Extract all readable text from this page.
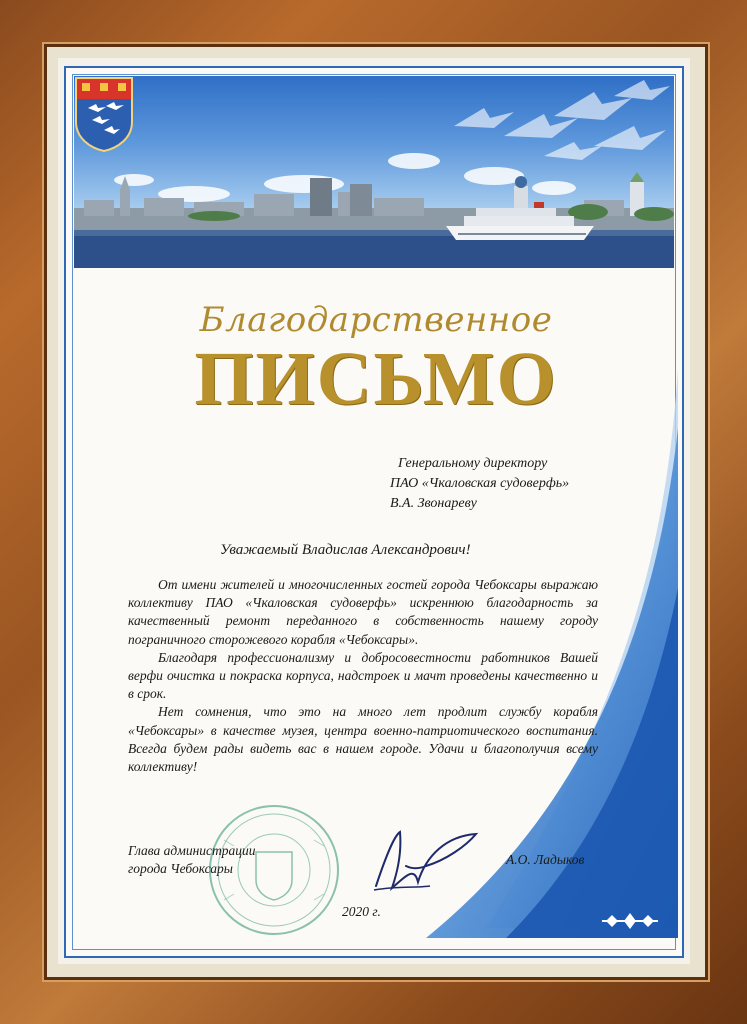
Благодарственное
ПИСЬМО
Генеральному директору
ПАО «Чкаловская судоверфь»
В.А. Звонареву
Уважаемый Владислав Александрович!

От имени жителей и многочисленных гостей города Чебоксары выражаю коллективу ПАО «Чкаловская судоверфь» искреннюю благодарность за качественный ремонт переданного в собственность нашему городу пограничного сторожевого корабля «Чебоксары».

Благодаря профессионализму и добросовестности работников Вашей верфи очистка и покраска корпуса, надстроек и мачт проведены качественно и в срок.

Нет сомнения, что это на много лет продлит службу корабля «Чебоксары» в качестве музея, центра военно-патриотического воспитания. Всегда будем рады видеть вас в нашем городе. Удачи и благополучия всему коллективу!

Глава администрации
города Чебоксары
А.О. Ладыков
2020 г.
